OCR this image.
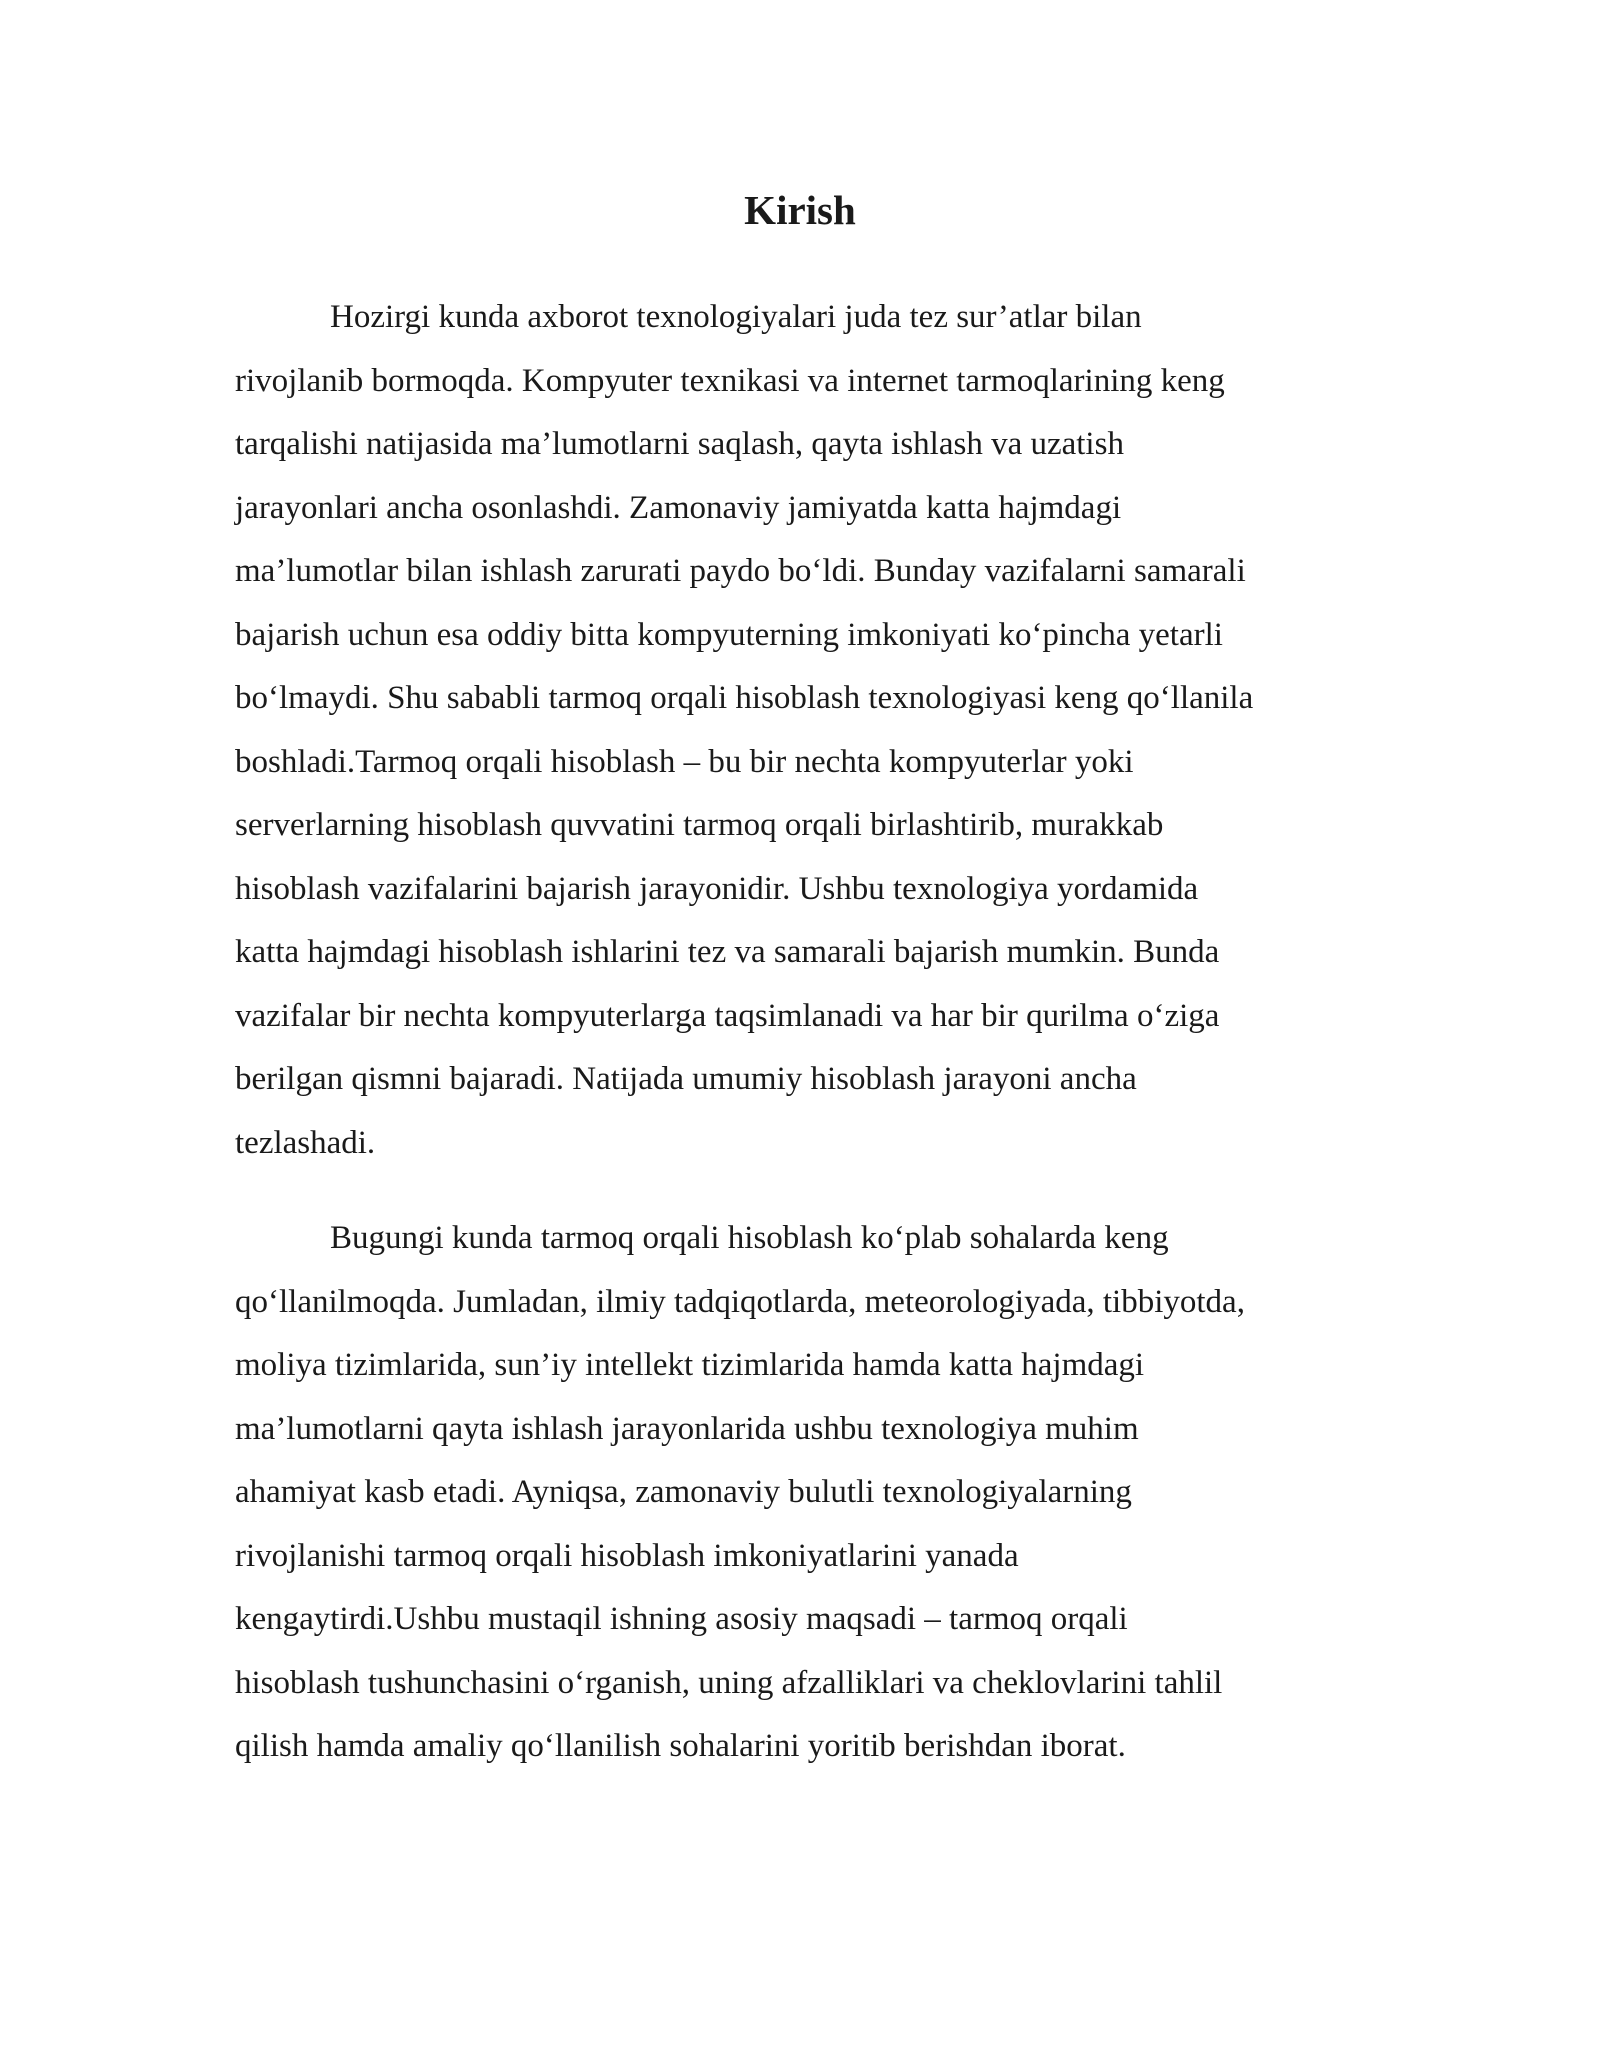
Kirish
Hozirgi kunda axborot texnologiyalari juda tez sur’atlar bilan
rivojlanib bormoqda. Kompyuter texnikasi va internet tarmoqlarining keng
tarqalishi natijasida ma’lumotlarni saqlash, qayta ishlash va uzatish
jarayonlari ancha osonlashdi. Zamonaviy jamiyatda katta hajmdagi
ma’lumotlar bilan ishlash zarurati paydo bo‘ldi. Bunday vazifalarni samarali
bajarish uchun esa oddiy bitta kompyuterning imkoniyati ko‘pincha yetarli
bo‘lmaydi. Shu sababli tarmoq orqali hisoblash texnologiyasi keng qo‘llanila
boshladi.Tarmoq orqali hisoblash – bu bir nechta kompyuterlar yoki
serverlarning hisoblash quvvatini tarmoq orqali birlashtirib, murakkab
hisoblash vazifalarini bajarish jarayonidir. Ushbu texnologiya yordamida
katta hajmdagi hisoblash ishlarini tez va samarali bajarish mumkin. Bunda
vazifalar bir nechta kompyuterlarga taqsimlanadi va har bir qurilma o‘ziga
berilgan qismni bajaradi. Natijada umumiy hisoblash jarayoni ancha
tezlashadi.
Bugungi kunda tarmoq orqali hisoblash ko‘plab sohalarda keng
qo‘llanilmoqda. Jumladan, ilmiy tadqiqotlarda, meteorologiyada, tibbiyotda,
moliya tizimlarida, sun’iy intellekt tizimlarida hamda katta hajmdagi
ma’lumotlarni qayta ishlash jarayonlarida ushbu texnologiya muhim
ahamiyat kasb etadi. Ayniqsa, zamonaviy bulutli texnologiyalarning
rivojlanishi tarmoq orqali hisoblash imkoniyatlarini yanada
kengaytirdi.Ushbu mustaqil ishning asosiy maqsadi – tarmoq orqali
hisoblash tushunchasini o‘rganish, uning afzalliklari va cheklovlarini tahlil
qilish hamda amaliy qo‘llanilish sohalarini yoritib berishdan iborat.
